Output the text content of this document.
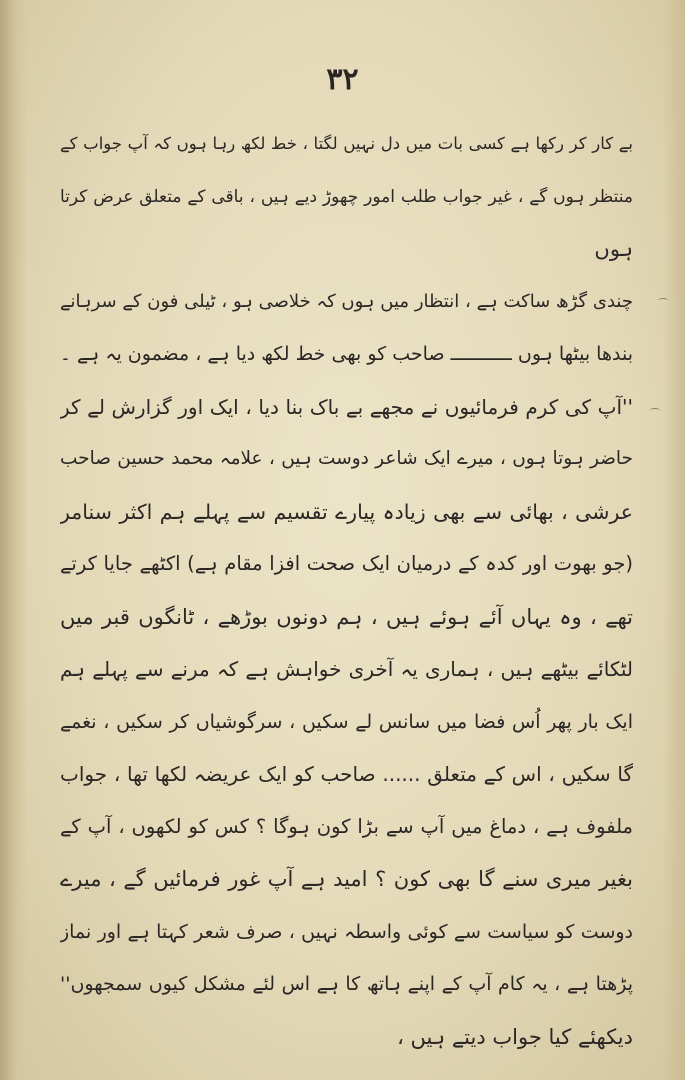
۳۲
بے کار کر رکھا ہے کسی بات میں دل نہیں لگتا ، خط لکھ رہا ہوں کہ آپ جواب کے
منتظر ہوں گے ، غیر جواب طلب امور چھوڑ دیے ہیں ، باقی کے متعلق عرض کرتا
ہوں
چندی گڑھ ساکت ہے ، انتظار میں ہوں کہ خلاصی ہو ، ٹیلی فون کے سرہانے
بندھا بیٹھا ہوں ـــــــــــ صاحب کو بھی خط لکھ دیا ہے ، مضمون یہ ہے ۔
''آپ کی کرم فرمائیوں نے مجھے بے باک بنا دیا ، ایک اور گزارش لے کر
حاضر ہوتا ہوں ، میرے ایک شاعر دوست ہیں ، علامہ محمد حسین صاحب
عرشی ، بھائی سے بھی زیادہ پیارے تقسیم سے پہلے ہم اکثر سنامر
(جو بھوت اور کدہ کے درمیان ایک صحت افزا مقام ہے) اکٹھے جایا کرتے
تھے ، وہ یہاں آئے ہوئے ہیں ، ہم دونوں بوڑھے ، ٹانگوں قبر میں
لٹکائے بیٹھے ہیں ، ہماری یہ آخری خواہش ہے کہ مرنے سے پہلے ہم
ایک بار پھر اُس فضا میں سانس لے سکیں ، سرگوشیاں کر سکیں ، نغمے
گا سکیں ، اس کے متعلق ...... صاحب کو ایک عریضہ لکھا تھا ، جواب
ملفوف ہے ، دماغ میں آپ سے بڑا کون ہوگا ؟ کس کو لکھوں ، آپ کے
بغیر میری سنے گا بھی کون ؟ امید ہے آپ غور فرمائیں گے ، میرے
دوست کو سیاست سے کوئی واسطہ نہیں ، صرف شعر کہتا ہے اور نماز
پڑھتا ہے ، یہ کام آپ کے اپنے ہاتھ کا ہے اس لئے مشکل کیوں سمجھوں''
دیکھئے کیا جواب دیتے ہیں ،
